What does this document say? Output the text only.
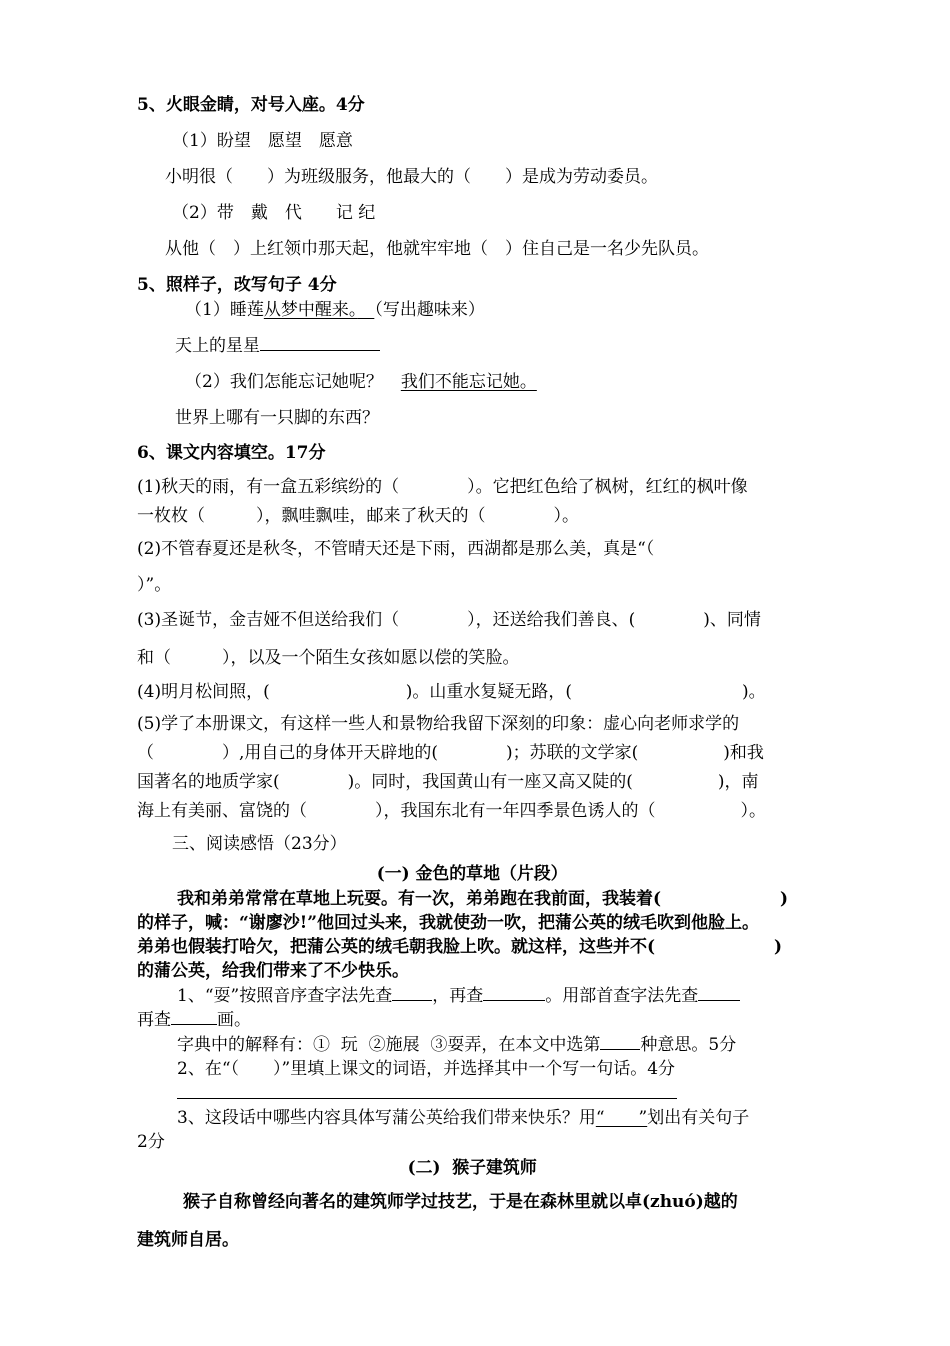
5、火眼金睛，对号入座。4分
（1）盼望　愿望　愿意
小明很（　　）为班级服务，他最大的（　　）是成为劳动委员。
（2）带　戴　代　　记 纪
从他（　）上红领巾那天起，他就牢牢地（　）住自己是一名少先队员。
5、照样子，改写句子 4分
（1）睡莲从梦中醒来。　 （写出趣味来）
天上的星星
（2）我们怎能忘记她呢？ 我们不能忘记她。
世界上哪有一只脚的东西？
6、课文内容填空。17分
(1)秋天的雨，有一盒五彩缤纷的（　　　　）。它把红色给了枫树，红红的枫叶像
一枚枚（　　　），飘哇飘哇，邮来了秋天的（　　　　）。
(2)不管春夏还是秋冬，不管晴天还是下雨，西湖都是那么美，真是“（
）”。
(3)圣诞节，金吉娅不但送给我们（　　　　），还送给我们善良、(　　　　)、同情
和（　　　），以及一个陌生女孩如愿以偿的笑脸。
(4)明月松间照，(　　　　　　　　)。山重水复疑无路，(　　　　　　　　　　)。
(5)学了本册课文，有这样一些人和景物给我留下深刻的印象：虚心向老师求学的
（　　　　）,用自己的身体开天辟地的(　　　　)；苏联的文学家(　　　　　)和我
国著名的地质学家(　　　　)。同时，我国黄山有一座又高又陡的(　　　　　)，南
海上有美丽、富饶的（　　　　），我国东北有一年四季景色诱人的（　　　　　）。
三、阅读感悟（23分）
(一) 金色的草地（片段）
我和弟弟常常在草地上玩耍。有一次，弟弟跑在我前面，我装着(　　　　　　　)
的样子，喊：“谢廖沙!”他回过头来，我就使劲一吹，把蒲公英的绒毛吹到他脸上。
弟弟也假装打哈欠，把蒲公英的绒毛朝我脸上吹。就这样，这些并不(　　　　　　　)
的蒲公英，给我们带来了不少快乐。
1、“耍”按照音序查字法先查 ，再查	。用部首查字法先查
再查	画。
字典中的解释有：①  玩  ②施展  ③耍弄，在本文中选第 种意思。5分
2、在“（　　）”里填上课文的词语，并选择其中一个写一句话。4分
3、这段话中哪些内容具体写蒲公英给我们带来快乐？用“　　”划出有关句子
2分
(二)  猴子建筑师
猴子自称曾经向著名的建筑师学过技艺，于是在森林里就以卓(zhuó)越的
建筑师自居。
